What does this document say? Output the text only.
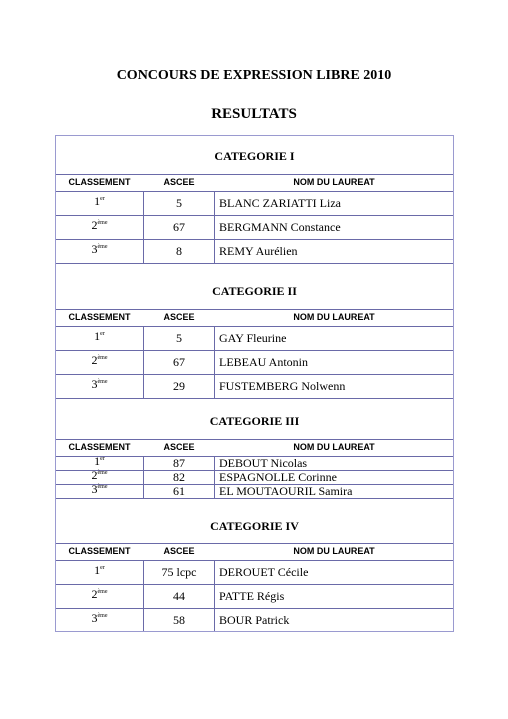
CONCOURS DE EXPRESSION LIBRE 2010
RESULTATS
CATEGORIE I
CLASSEMENT	ASCEE	NOM DU LAUREAT
1er	5	BLANC ZARIATTI Liza
2ème	67	BERGMANN Constance
3ème	8	REMY Aurélien
CATEGORIE II
CLASSEMENT	ASCEE	NOM DU LAUREAT
1er	5	GAY Fleurine
2ème	67	LEBEAU Antonin
3ème	29	FUSTEMBERG Nolwenn
CATEGORIE III
CLASSEMENT	ASCEE	NOM DU LAUREAT
1er	87	DEBOUT Nicolas
2ème	82	ESPAGNOLLE Corinne
3ème	61	EL MOUTAOURIL Samira
CATEGORIE IV
CLASSEMENT	ASCEE	NOM DU LAUREAT
1er	75 lcpc	DEROUET Cécile
2ème	44	PATTE Régis
3ème	58	BOUR Patrick
